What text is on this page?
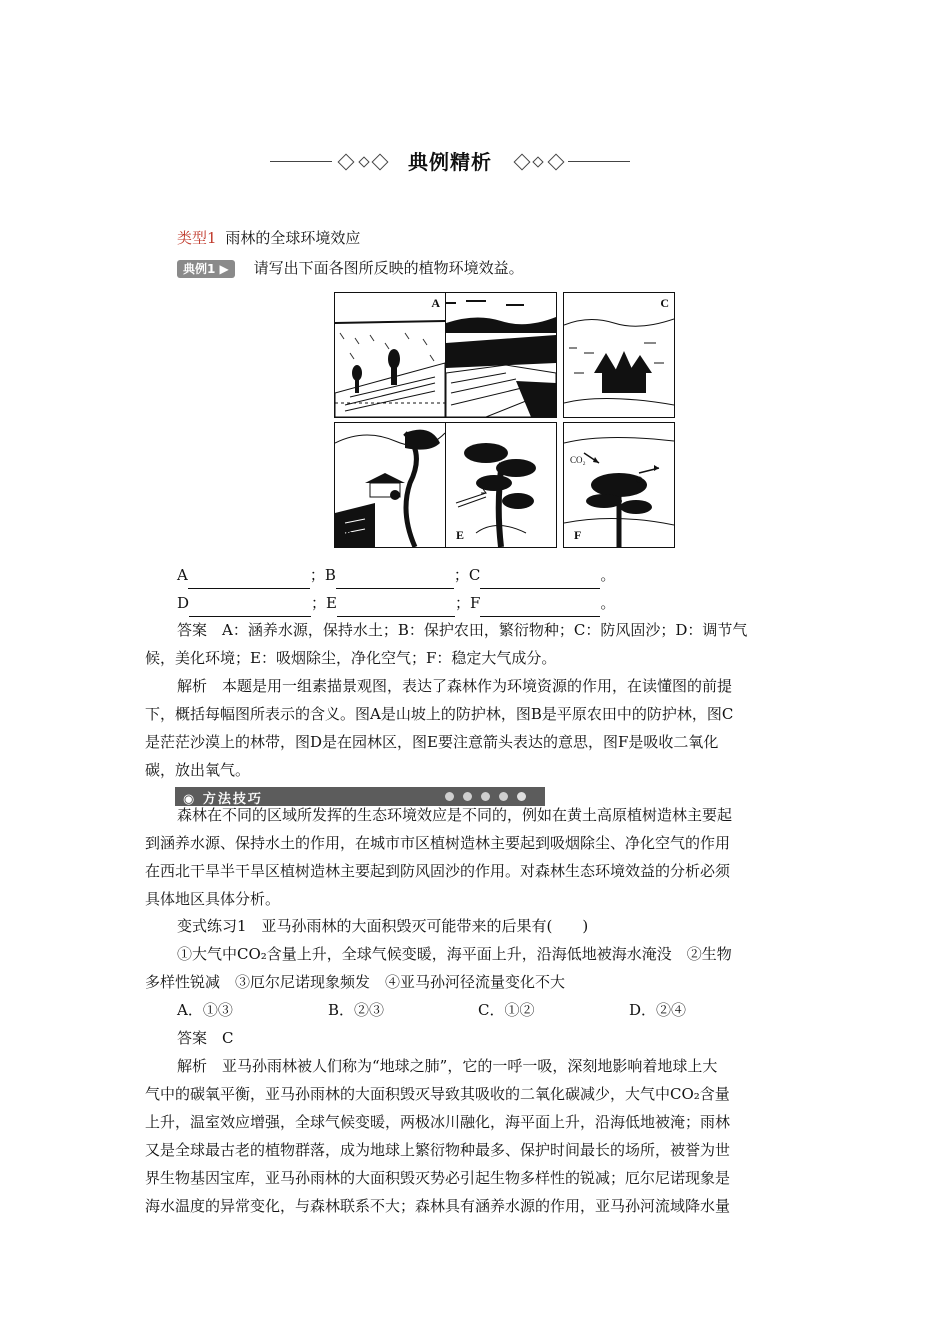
典例精析
类型1 雨林的全球环境效应
典例1 ▶ 请写出下面各图所反映的植物环境效益。
A	B	C
D	E
CO₂
O₂
F
A	；B	；C	。
D	；E	；F	。
答案　A：涵养水源，保持水土；B：保护农田，繁衍物种；C：防风固沙；D：调节气
候，美化环境；E：吸烟除尘，净化空气；F：稳定大气成分。
解析　本题是用一组素描景观图，表达了森林作为环境资源的作用，在读懂图的前提
下，概括每幅图所表示的含义。图A是山坡上的防护林，图B是平原农田中的防护林，图C
是茫茫沙漠上的林带，图D是在园林区，图E要注意箭头表达的意思，图F是吸收二氧化
碳，放出氧气。
◉ 方法技巧
森林在不同的区域所发挥的生态环境效应是不同的，例如在黄土高原植树造林主要起
到涵养水源、保持水土的作用，在城市市区植树造林主要起到吸烟除尘、净化空气的作用
在西北干旱半干旱区植树造林主要起到防风固沙的作用。对森林生态环境效益的分析必须
具体地区具体分析。
变式练习1　亚马孙雨林的大面积毁灭可能带来的后果有(　　)
①大气中CO₂含量上升，全球气候变暖，海平面上升，沿海低地被海水淹没　②生物
多样性锐减　③厄尔尼诺现象频发　④亚马孙河径流量变化不大
A．①③	B．②③	C．①②	D．②④
答案　C
解析　亚马孙雨林被人们称为“地球之肺”，它的一呼一吸，深刻地影响着地球上大
气中的碳氧平衡，亚马孙雨林的大面积毁灭导致其吸收的二氧化碳减少，大气中CO₂含量
上升，温室效应增强，全球气候变暖，两极冰川融化，海平面上升，沿海低地被淹；雨林
又是全球最古老的植物群落，成为地球上繁衍物种最多、保护时间最长的场所，被誉为世
界生物基因宝库，亚马孙雨林的大面积毁灭势必引起生物多样性的锐减；厄尔尼诺现象是
海水温度的异常变化，与森林联系不大；森林具有涵养水源的作用，亚马孙河流域降水量
